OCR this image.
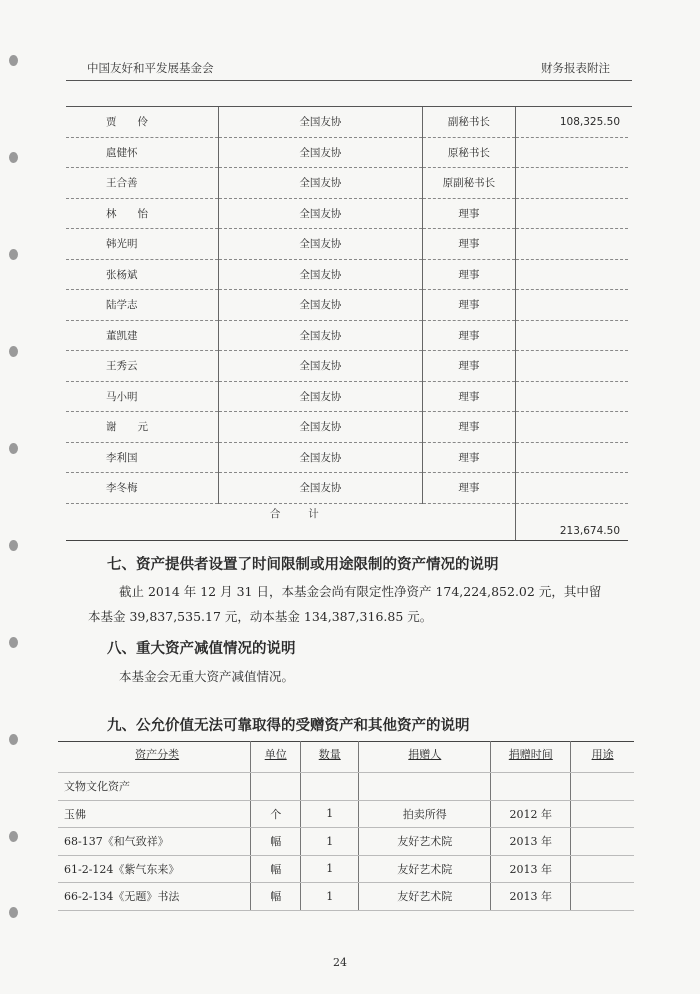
中国友好和平发展基金会	财务报表附注
贾　　伶	全国友协	副秘书长	108,325.50
扈健怀	全国友协	原秘书长	
王合善	全国友协	原副秘书长	
林　　怡	全国友协	理事	
韩光明	全国友协	理事	
张杨斌	全国友协	理事	
陆学志	全国友协	理事	
董凯建	全国友协	理事	
王秀云	全国友协	理事	
马小明	全国友协	理事	
谢　　元	全国友协	理事	
李利国	全国友协	理事	
李冬梅	全国友协	理事	
合计			213,674.50
七、资产提供者设置了时间限制或用途限制的资产情况的说明
截止 2014 年 12 月 31 日，本基金会尚有限定性净资产 174,224,852.02 元，其中留
本基金 39,837,535.17 元，动本基金 134,387,316.85 元。
八、重大资产减值情况的说明
本基金会无重大资产减值情况。
九、公允价值无法可靠取得的受赠资产和其他资产的说明
资产分类	单位	数量	捐赠人	捐赠时间	用途
文物文化资产					
玉佛	个	1	拍卖所得	2012 年	
68-137《和气致祥》	幅	1	友好艺术院	2013 年	
61-2-124《紫气东来》	幅	1	友好艺术院	2013 年	
66-2-134《无题》书法	幅	1	友好艺术院	2013 年	
24
